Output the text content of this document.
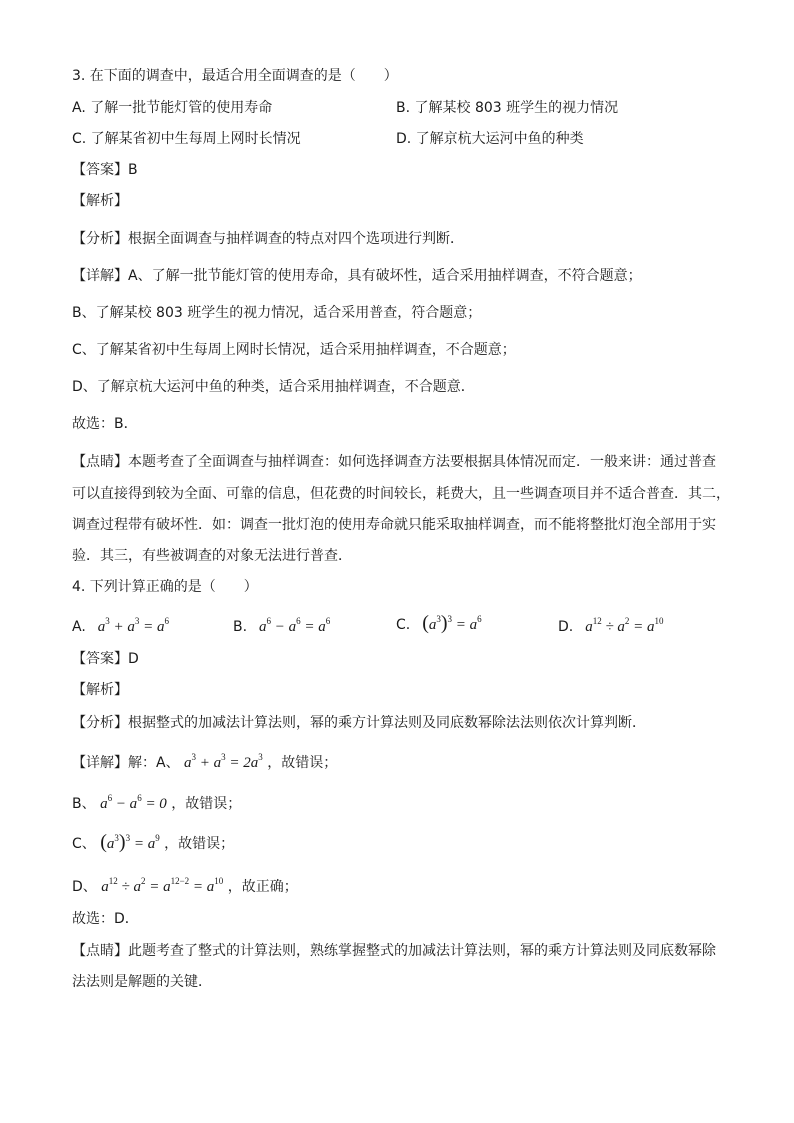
3. 在下面的调查中，最适合用全面调查的是（　　）
A. 了解一批节能灯管的使用寿命	B. 了解某校 803 班学生的视力情况
C. 了解某省初中生每周上网时长情况	D. 了解京杭大运河中鱼的种类
【答案】B
【解析】
【分析】根据全面调查与抽样调查的特点对四个选项进行判断．
【详解】A、了解一批节能灯管的使用寿命，具有破坏性，适合采用抽样调查，不符合题意；
B、了解某校 803 班学生的视力情况，适合采用普查，符合题意；
C、了解某省初中生每周上网时长情况，适合采用抽样调查，不合题意；
D、了解京杭大运河中鱼的种类，适合采用抽样调查，不合题意．
故选：B．
【点睛】本题考查了全面调查与抽样调查：如何选择调查方法要根据具体情况而定．一般来讲：通过普查
可以直接得到较为全面、可靠的信息，但花费的时间较长，耗费大，且一些调查项目并不适合普查．其二，
调查过程带有破坏性．如：调查一批灯泡的使用寿命就只能采取抽样调查，而不能将整批灯泡全部用于实
验．其三，有些被调查的对象无法进行普查．
4. 下列计算正确的是（　　）
A.   $a^3 + a^3 = a^6$	B.   $a^6 - a^6 = a^6$	C. $(a^3)^3 = a^6$	D.   $a^{12} \div a^2 = a^{10}$
【答案】D
【解析】
【分析】根据整式的加减法计算法则，幂的乘方计算法则及同底数幂除法法则依次计算判断．
【详解】解：A、 $a^3 + a^3 = 2a^3$ ，故错误；
B、 $a^6 - a^6 = 0$ ，故错误；
C、 $(a^3)^3 = a^9$ ，故错误；
D、 $a^{12} \div a^2 = a^{12-2} = a^{10}$ ，故正确；
故选：D．
【点睛】此题考查了整式的计算法则，熟练掌握整式的加减法计算法则，幂的乘方计算法则及同底数幂除
法法则是解题的关键．
